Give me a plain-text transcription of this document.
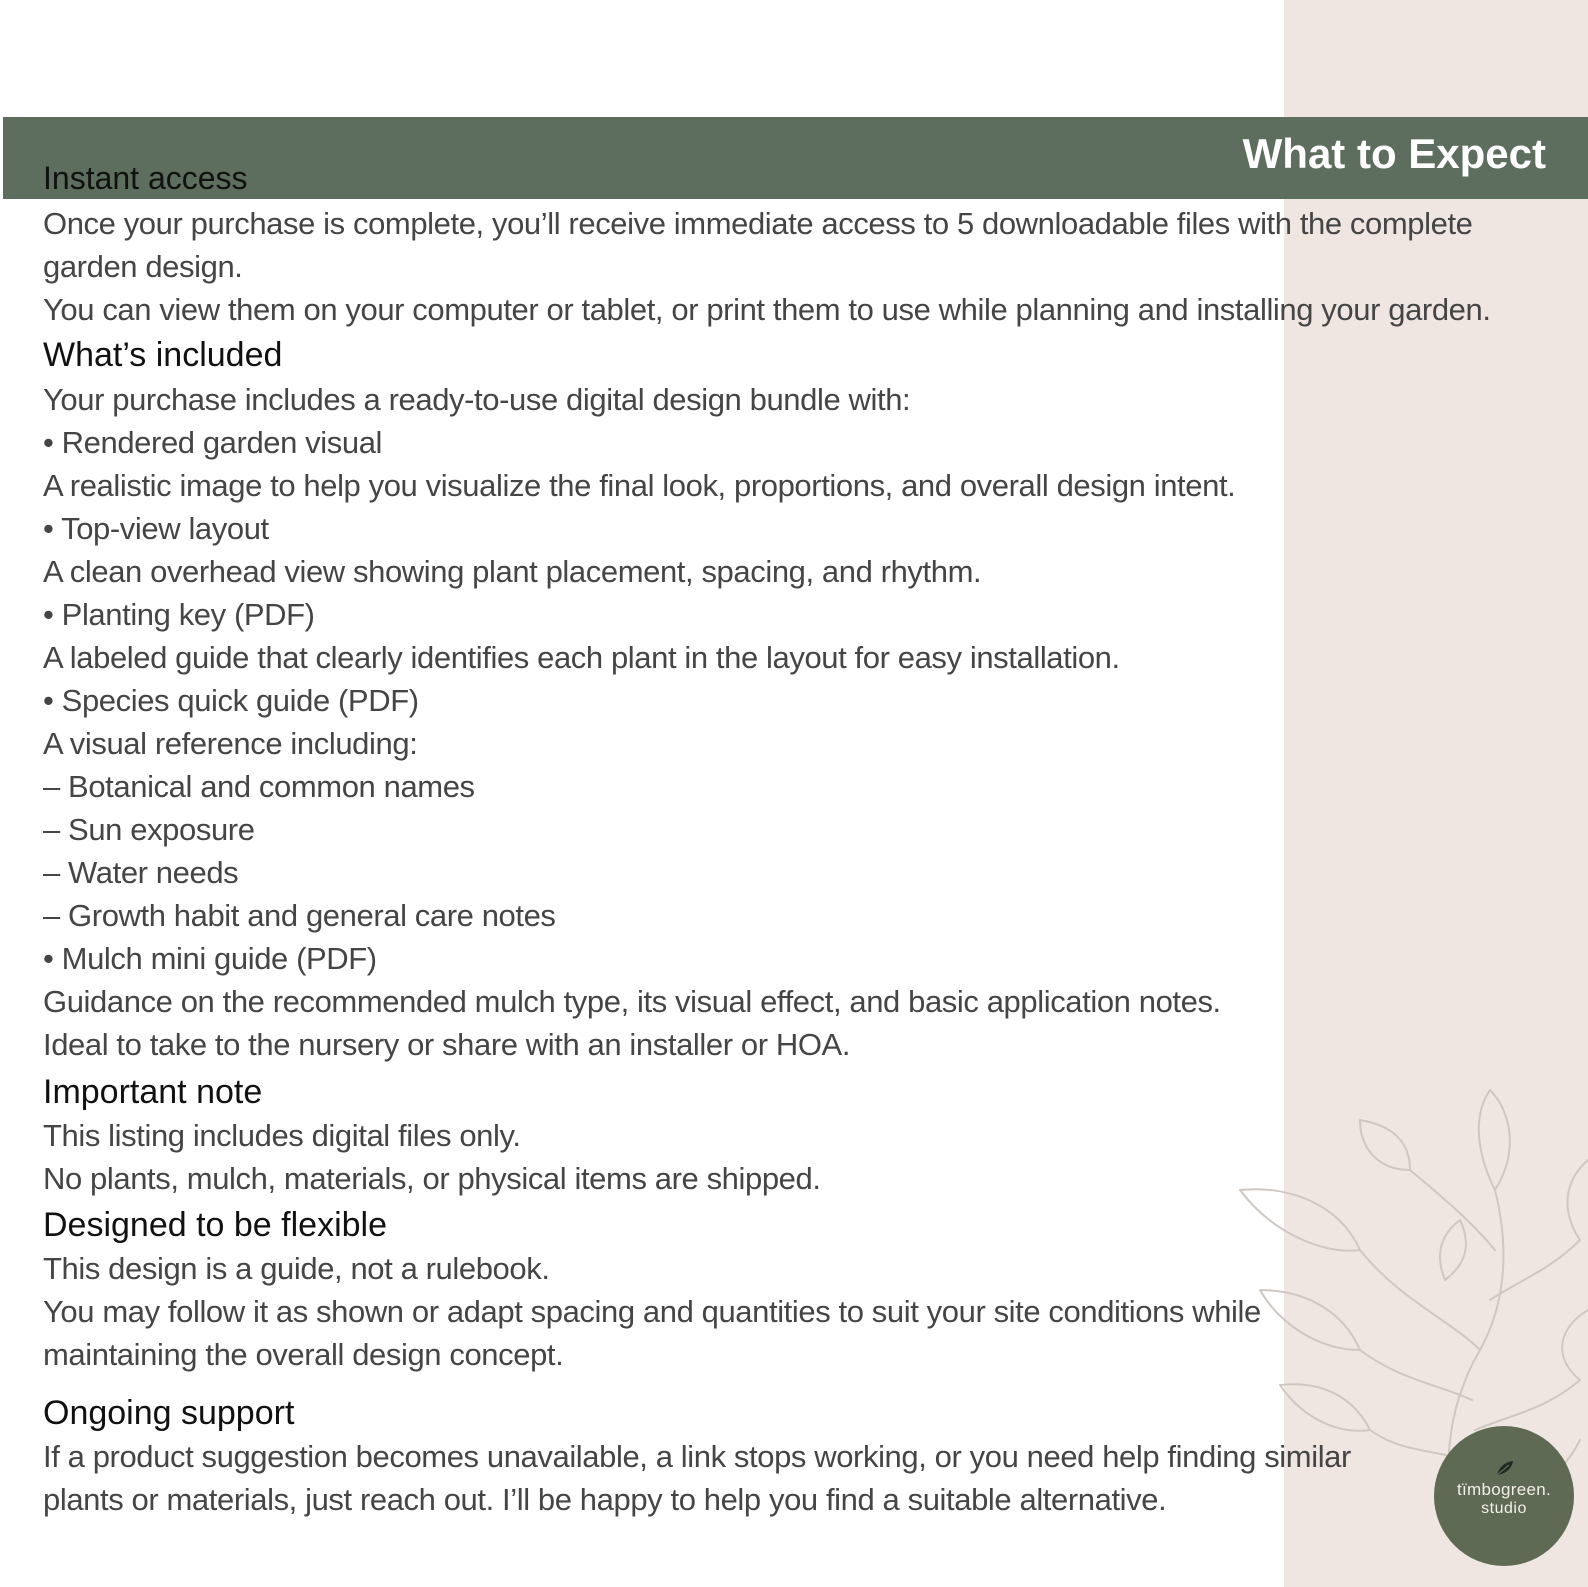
What to Expect
Instant access
Once your purchase is complete, you’ll receive immediate access to 5 downloadable files with the complete
garden design.
You can view them on your computer or tablet, or print them to use while planning and installing your garden.
What’s included
Your purchase includes a ready-to-use digital design bundle with:
• Rendered garden visual
A realistic image to help you visualize the final look, proportions, and overall design intent.
• Top-view layout
A clean overhead view showing plant placement, spacing, and rhythm.
• Planting key (PDF)
A labeled guide that clearly identifies each plant in the layout for easy installation.
• Species quick guide (PDF)
A visual reference including:
– Botanical and common names
– Sun exposure
– Water needs
– Growth habit and general care notes
• Mulch mini guide (PDF)
Guidance on the recommended mulch type, its visual effect, and basic application notes.
Ideal to take to the nursery or share with an installer or HOA.
Important note
This listing includes digital files only.
No plants, mulch, materials, or physical items are shipped.
Designed to be flexible
This design is a guide, not a rulebook.
You may follow it as shown or adapt spacing and quantities to suit your site conditions while
maintaining the overall design concept.
Ongoing support
If a product suggestion becomes unavailable, a link stops working, or you need help finding similar
plants or materials, just reach out. I’ll be happy to help you find a suitable alternative.	tïmbogreen.
studio
